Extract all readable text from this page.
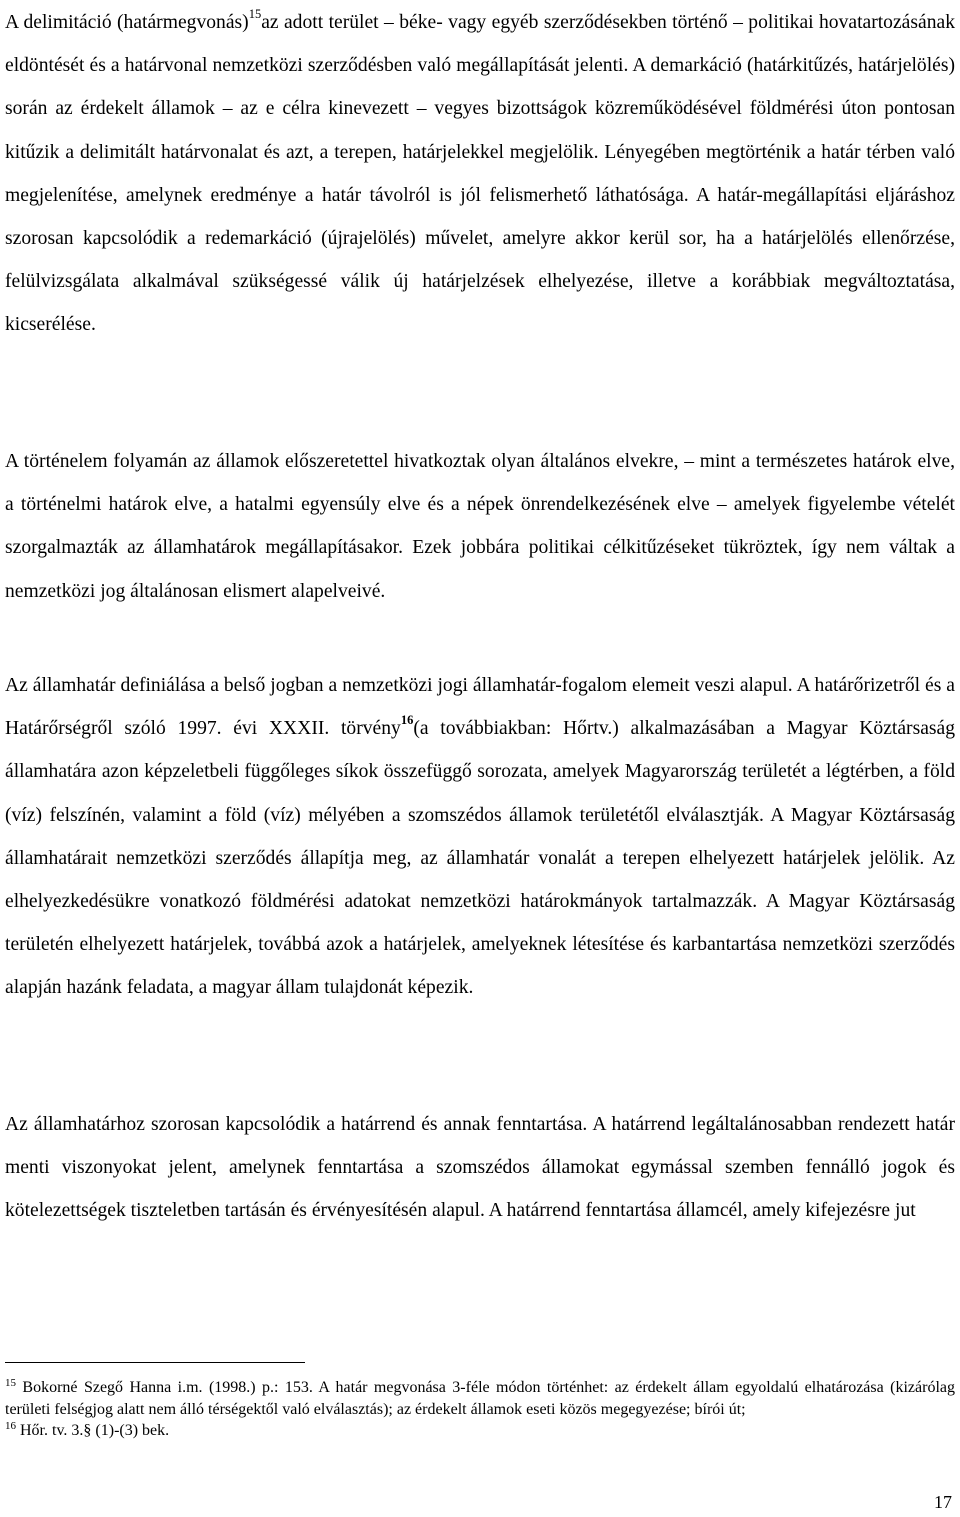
A delimitáció (határmegvonás)$^{15}$az adott terület – béke- vagy egyéb szerződésekben történő – politikai hovatartozásának eldöntését és a határvonal nemzetközi szerződésben való megállapítását jelenti. A demarkáció (határkitűzés, határjelölés) során az érdekelt államok – az e célra kinevezett – vegyes bizottságok közreműködésével földmérési úton pontosan kitűzik a delimitált határvonalat és azt, a terepen, határjelekkel megjelölik. Lényegében megtörténik a határ térben való megjelenítése, amelynek eredménye a határ távolról is jól felismerhető láthatósága. A határ-megállapítási eljáráshoz szorosan kapcsolódik a redemarkáció (újrajelölés) művelet, amelyre akkor kerül sor, ha a határjelölés ellenőrzése, felülvizsgálata alkalmával szükségessé válik új határjelzések elhelyezése, illetve a korábbiak megváltoztatása, kicserélése.

A történelem folyamán az államok előszeretettel hivatkoztak olyan általános elvekre, – mint a természetes határok elve, a történelmi határok elve, a hatalmi egyensúly elve és a népek önrendelkezésének elve – amelyek figyelembe vételét szorgalmazták az államhatárok megállapításakor. Ezek jobbára politikai célkitűzéseket tükröztek, így nem váltak a nemzetközi jog általánosan elismert alapelveivé.

Az államhatár definiálása a belső jogban a nemzetközi jogi államhatár-fogalom elemeit veszi alapul. A határőrizetről és a Határőrségről szóló 1997. évi XXXII. törvény$^{16}$(a továbbiakban: Hőrtv.) alkalmazásában a Magyar Köztársaság államhatára azon képzeletbeli függőleges síkok összefüggő sorozata, amelyek Magyarország területét a légtérben, a föld (víz) felszínén, valamint a föld (víz) mélyében a szomszédos államok területétől elválasztják. A Magyar Köztársaság államhatárait nemzetközi szerződés állapítja meg, az államhatár vonalát a terepen elhelyezett határjelek jelölik. Az elhelyezkedésükre vonatkozó földmérési adatokat nemzetközi határokmányok tartalmazzák. A Magyar Köztársaság területén elhelyezett határjelek, továbbá azok a határjelek, amelyeknek létesítése és karbantartása nemzetközi szerződés alapján hazánk feladata, a magyar állam tulajdonát képezik.

Az államhatárhoz szorosan kapcsolódik a határrend és annak fenntartása. A határrend legáltalánosabban rendezett határ menti viszonyokat jelent, amelynek fenntartása a szomszédos államokat egymással szemben fennálló jogok és kötelezettségek tiszteletben tartásán és érvényesítésén alapul. A határrend fenntartása államcél, amely kifejezésre jut

$^{15}$ Bokorné Szegő Hanna i.m. (1998.) p.: 153. A határ megvonása 3-féle módon történhet: az érdekelt állam egyoldalú elhatározása (kizárólag területi felségjog alatt nem álló térségektől való elválasztás); az érdekelt államok eseti közös megegyezése; bírói út;

$^{16}$ Hőr. tv. 3.§ (1)-(3) bek.

17
